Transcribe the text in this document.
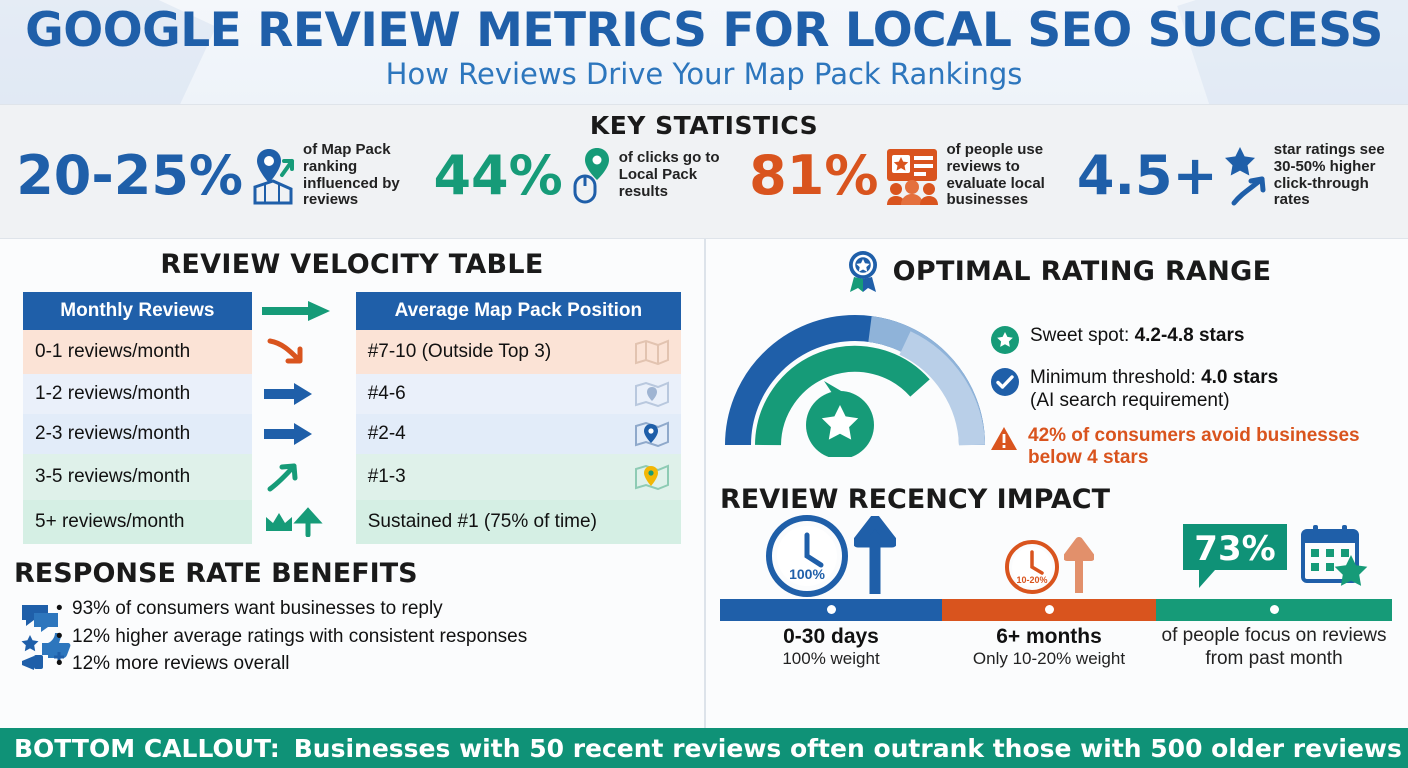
GOOGLE REVIEW METRICS FOR LOCAL SEO SUCCESS
How Reviews Drive Your Map Pack Rankings
KEY STATISTICS
20-25%	of Map Pack ranking influenced by reviews	44%	of clicks go to Local Pack results	81%	of people use reviews to evaluate local businesses 4.5+	star ratings see 30-50% higher click-through rates
REVIEW VELOCITY TABLE
Monthly Reviews		Average Map Pack Position	
0-1 reviews/month		#7-10 (Outside Top 3)	

1-2 reviews/month		#4-6	

2-3 reviews/month		#2-4	

3-5 reviews/month		#1-3	

5+ reviews/month		Sustained #1 (75% of time)	
RESPONSE RATE BENEFITS
• 93% of consumers want businesses to reply
• 12% higher average ratings with consistent responses
• 12% more reviews overall
OPTIMAL RATING RANGE
Sweet spot: 4.2-4.8 stars
Minimum threshold: 4.0 stars
(AI search requirement)
42% of consumers avoid businesses below 4 stars
REVIEW RECENCY IMPACT
100%
0-30 days
100% weight
10-20%
6+ months
Only 10-20% weight
73%
of people focus on reviews from past month
BOTTOM CALLOUT: Businesses with 50 recent reviews often outrank those with 500 older reviews
